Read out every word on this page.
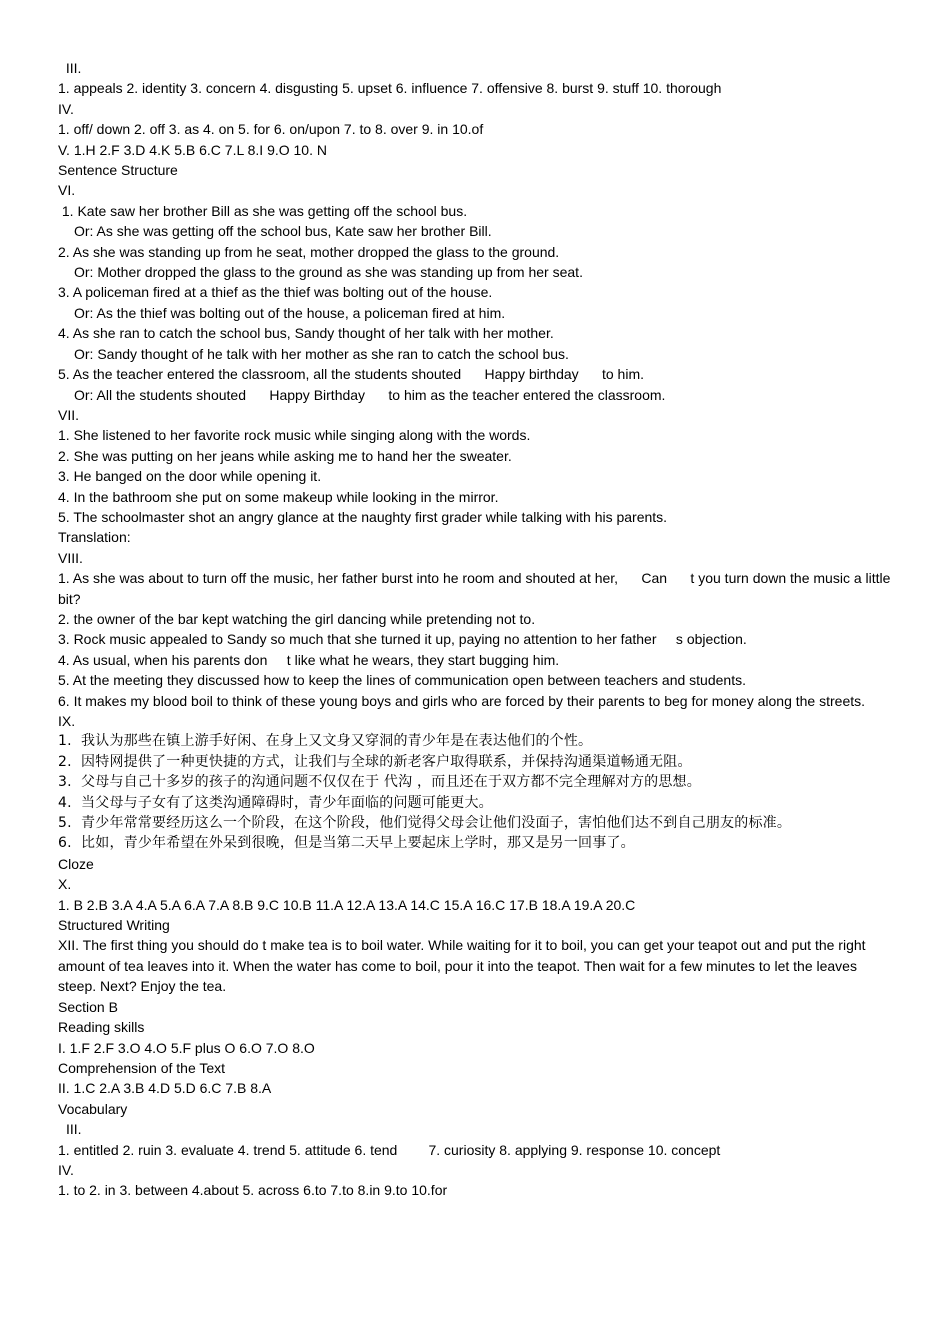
III.
1. appeals 2. identity 3. concern 4. disgusting 5. upset 6. influence 7. offensive 8. burst 9. stuff 10. thorough
IV.
1. off/ down 2. off 3. as 4. on 5. for 6. on/upon 7. to 8. over 9. in 10.of
V. 1.H 2.F 3.D 4.K 5.B 6.C 7.L 8.I 9.O 10. N
Sentence Structure
VI.
1. Kate saw her brother Bill as she was getting off the school bus.
Or: As she was getting off the school bus, Kate saw her brother Bill.
2. As she was standing up from he seat, mother dropped the glass to the ground.
Or: Mother dropped the glass to the ground as she was standing up from her seat.
3. A policeman fired at a thief as the thief was bolting out of the house.
Or: As the thief was bolting out of the house, a policeman fired at him.
4. As she ran to catch the school bus, Sandy thought of her talk with her mother.
Or: Sandy thought of he talk with her mother as she ran to catch the school bus.
5. As the teacher entered the classroom, all the students shouted      Happy birthday      to him.
Or: All the students shouted      Happy Birthday      to him as the teacher entered the classroom.
VII.
1. She listened to her favorite rock music while singing along with the words.
2. She was putting on her jeans while asking me to hand her the sweater.
3. He banged on the door while opening it.
4. In the bathroom she put on some makeup while looking in the mirror.
5. The schoolmaster shot an angry glance at the naughty first grader while talking with his parents.
Translation:
VIII.
1. As she was about to turn off the music, her father burst into he room and shouted at her,      Can      t you turn down the music a little bit?
2. the owner of the bar kept watching the girl dancing while pretending not to.
3. Rock music appealed to Sandy so much that she turned it up, paying no attention to her father     s objection.
4. As usual, when his parents don     t like what he wears, they start bugging him.
5. At the meeting they discussed how to keep the lines of communication open between teachers and students.
6. It makes my blood boil to think of these young boys and girls who are forced by their parents to beg for money along the streets.
IX.
1.  我认为那些在镇上游手好闲、在身上又文身又穿洞的青少年是在表达他们的个性。
2.  因特网提供了一种更快捷的方式，让我们与全球的新老客户取得联系，并保持沟通渠道畅通无阻。
3.  父母与自己十多岁的孩子的沟通问题不仅仅在于 代沟 ，而且还在于双方都不完全理解对方的思想。
4.  当父母与子女有了这类沟通障碍时，青少年面临的问题可能更大。
5.  青少年常常要经历这么一个阶段，在这个阶段，他们觉得父母会让他们没面子，害怕他们达不到自己朋友的标准。
6.  比如，青少年希望在外呆到很晚，但是当第二天早上要起床上学时，那又是另一回事了。
Cloze
X.
1. B 2.B 3.A 4.A 5.A 6.A 7.A 8.B 9.C 10.B 11.A 12.A 13.A 14.C 15.A 16.C 17.B 18.A 19.A 20.C
Structured Writing
XII. The first thing you should do t make tea is to boil water. While waiting for it to boil, you can get your teapot out and put the right amount of tea leaves into it. When the water has come to boil, pour it into the teapot. Then wait for a few minutes to let the leaves steep. Next? Enjoy the tea.
Section B
Reading skills
I. 1.F 2.F 3.O 4.O 5.F plus O 6.O 7.O 8.O
Comprehension of the Text
II. 1.C 2.A 3.B 4.D 5.D 6.C 7.B 8.A
Vocabulary
III.
1. entitled 2. ruin 3. evaluate 4. trend 5. attitude 6. tend        7. curiosity 8. applying 9. response 10. concept
IV.
1. to 2. in 3. between 4.about 5. across 6.to 7.to 8.in 9.to 10.for
